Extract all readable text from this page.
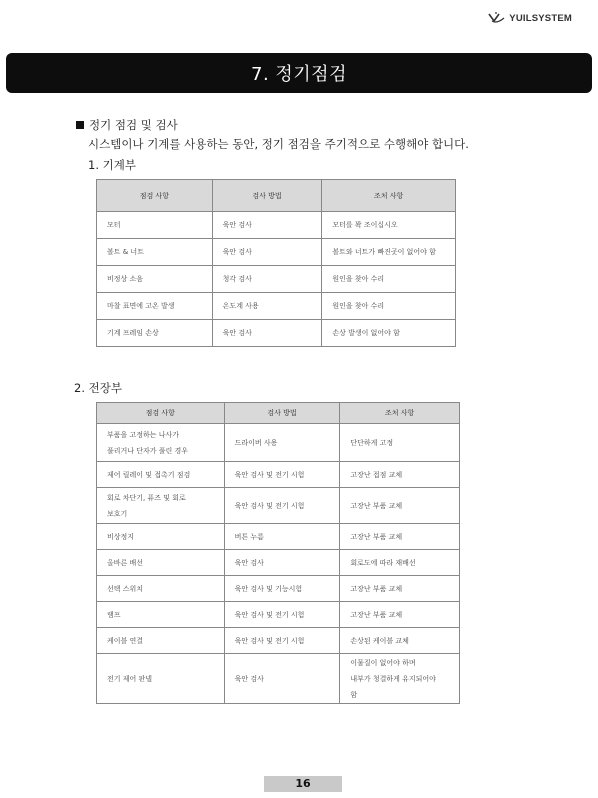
YUILSYSTEM
7. 정기점검
정기 점검 및 검사
시스템이나 기계를 사용하는 동안, 정기 점검을 주기적으로 수행해야 합니다.
1. 기계부
점검 사항	검사 방법	조처 사항

모터	육안 검사	모터를 꽉 조이십시오

볼트 & 너트	육안 검사	볼트와 너트가 빠진곳이 없어야 함

비정상 소음	청각 검사	원인을 찾아 수리

마찰 표면에 고온 발생	온도계 사용	원인을 찾아 수리

기계 프레임 손상	육안 검사	손상 발생이 없어야 함
2. 전장부
점검 사항	검사 방법	조처 사항

부품을 고정하는 나사가
풀리거나 단자가 풀린 경우	드라이버 사용	단단하게 고정

제어 릴레이 및 접촉기 점검	육안 검사 및 전기 시험	고장난 접점 교체

회로 차단기, 퓨즈 및 회로
보호기	육안 검사 및 전기 시험	고장난 부품 교체

비상정지	버튼 누름	고장난 부품 교체

올바른 배선	육안 검사	회로도에 따라 재배선

선택 스위치	육안 검사 및 기능시험	고장난 부품 교체

램프	육안 검사 및 전기 시험	고장난 부품 교체

케이블 연결	육안 검사 및 전기 시험	손상된 케이블 교체

전기 제어 판넬	육안 검사	이물질이 없어야 하며
내부가 청결하게 유지되어야
함
16
